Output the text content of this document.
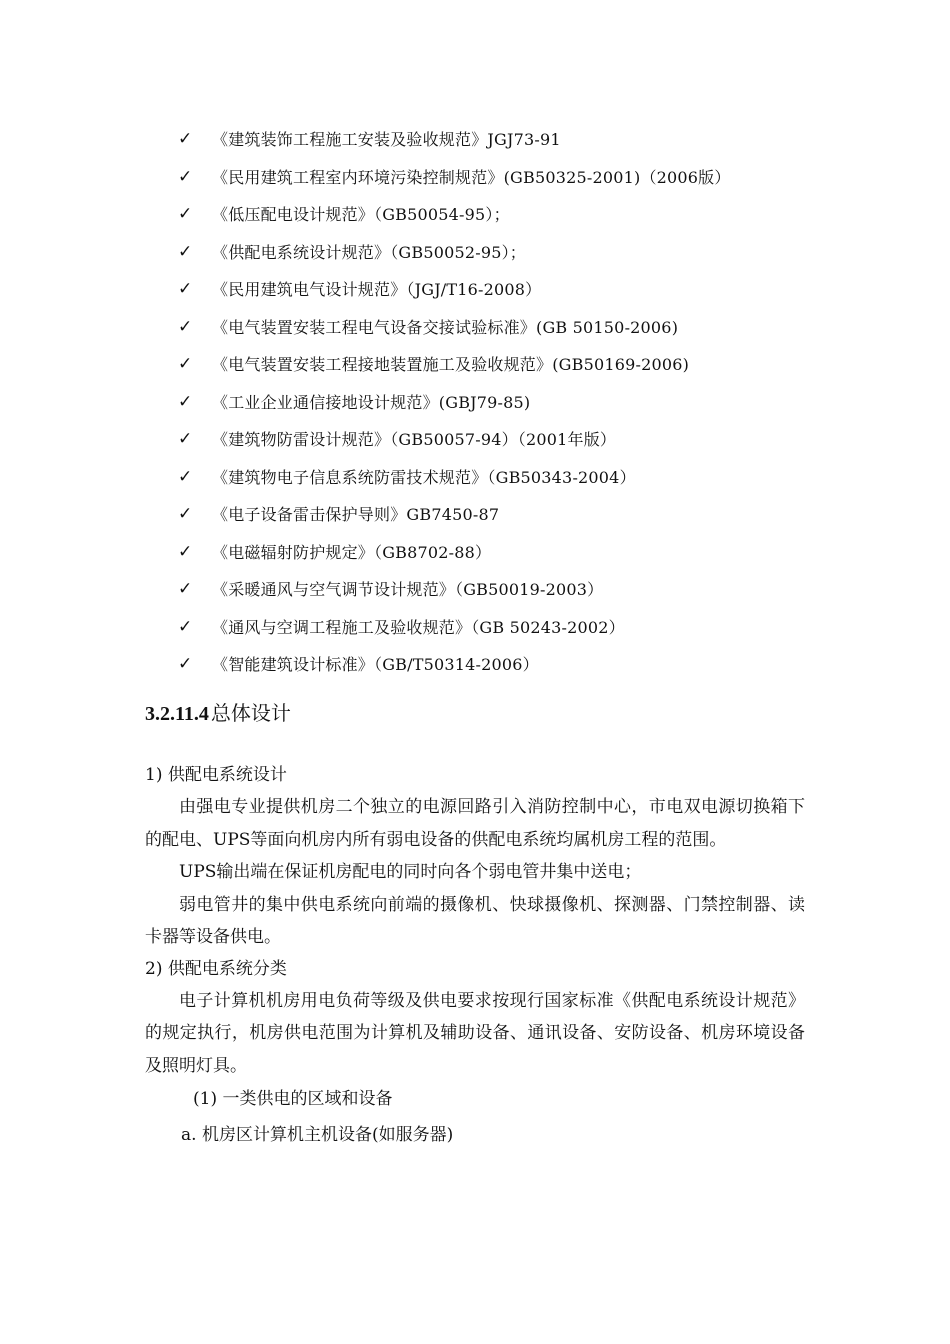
✓	《建筑装饰工程施工安装及验收规范》JGJ73-91
✓	《民用建筑工程室内环境污染控制规范》(GB50325-2001)（2006版）
✓	《低压配电设计规范》（GB50054-95）；
✓	《供配电系统设计规范》（GB50052-95）；
✓	《民用建筑电气设计规范》（JGJ/T16-2008）
✓	《电气装置安装工程电气设备交接试验标准》(GB 50150-2006)
✓	《电气装置安装工程接地装置施工及验收规范》(GB50169-2006)
✓	《工业企业通信接地设计规范》(GBJ79-85)
✓	《建筑物防雷设计规范》（GB50057-94）（2001年版）
✓	《建筑物电子信息系统防雷技术规范》（GB50343-2004）
✓	《电子设备雷击保护导则》GB7450-87
✓	《电磁辐射防护规定》（GB8702-88）
✓	《采暖通风与空气调节设计规范》（GB50019-2003）
✓	《通风与空调工程施工及验收规范》（GB 50243-2002）
✓	《智能建筑设计标准》（GB/T50314-2006）
3.2.11.4 总体设计
1) 供配电系统设计

由强电专业提供机房二个独立的电源回路引入消防控制中心，市电双电源切换箱下的配电、UPS等面向机房内所有弱电设备的供配电系统均属机房工程的范围。

UPS输出端在保证机房配电的同时向各个弱电管井集中送电；

弱电管井的集中供电系统向前端的摄像机、快球摄像机、探测器、门禁控制器、读卡器等设备供电。

2) 供配电系统分类

电子计算机机房用电负荷等级及供电要求按现行国家标准《供配电系统设计规范》的规定执行，机房供电范围为计算机及辅助设备、通讯设备、安防设备、机房环境设备及照明灯具。

(1) 一类供电的区域和设备
a. 机房区计算机主机设备(如服务器)
